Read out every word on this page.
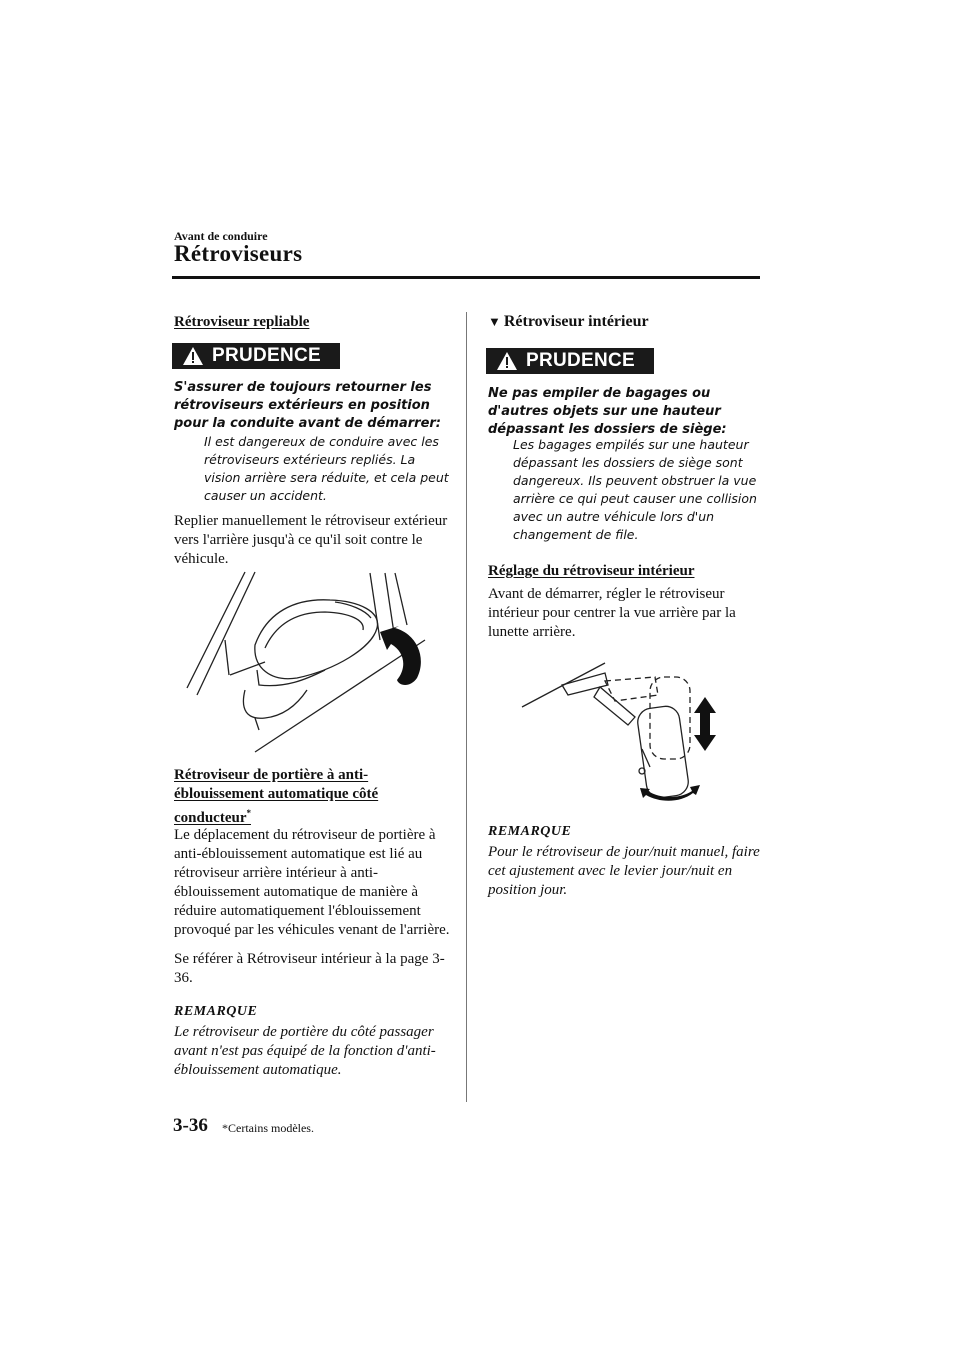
Avant de conduire
Rétroviseurs
Rétroviseur repliable
PRUDENCE
S'assurer de toujours retourner les rétroviseurs extérieurs en position pour la conduite avant de démarrer:
Il est dangereux de conduire avec les rétroviseurs extérieurs repliés. La vision arrière sera réduite, et cela peut causer un accident.
Replier manuellement le rétroviseur extérieur vers l'arrière jusqu'à ce qu'il soit contre le véhicule.
Rétroviseur de portière à anti-éblouissement automatique côté conducteur*
Le déplacement du rétroviseur de portière à anti-éblouissement automatique est lié au rétroviseur arrière intérieur à anti-éblouissement automatique de manière à réduire automatiquement l'éblouissement provoqué par les véhicules venant de l'arrière.
Se référer à Rétroviseur intérieur à la page 3-36.
REMARQUE
Le rétroviseur de portière du côté passager avant n'est pas équipé de la fonction d'anti-éblouissement automatique.
▼ Rétroviseur intérieur
PRUDENCE
Ne pas empiler de bagages ou d'autres objets sur une hauteur dépassant les dossiers de siège:
Les bagages empilés sur une hauteur dépassant les dossiers de siège sont dangereux. Ils peuvent obstruer la vue arrière ce qui peut causer une collision avec un autre véhicule lors d'un changement de file.
Réglage du rétroviseur intérieur
Avant de démarrer, régler le rétroviseur intérieur pour centrer la vue arrière par la lunette arrière.
REMARQUE
Pour le rétroviseur de jour/nuit manuel, faire cet ajustement avec le levier jour/nuit en position jour.
3-36 *Certains modèles.
